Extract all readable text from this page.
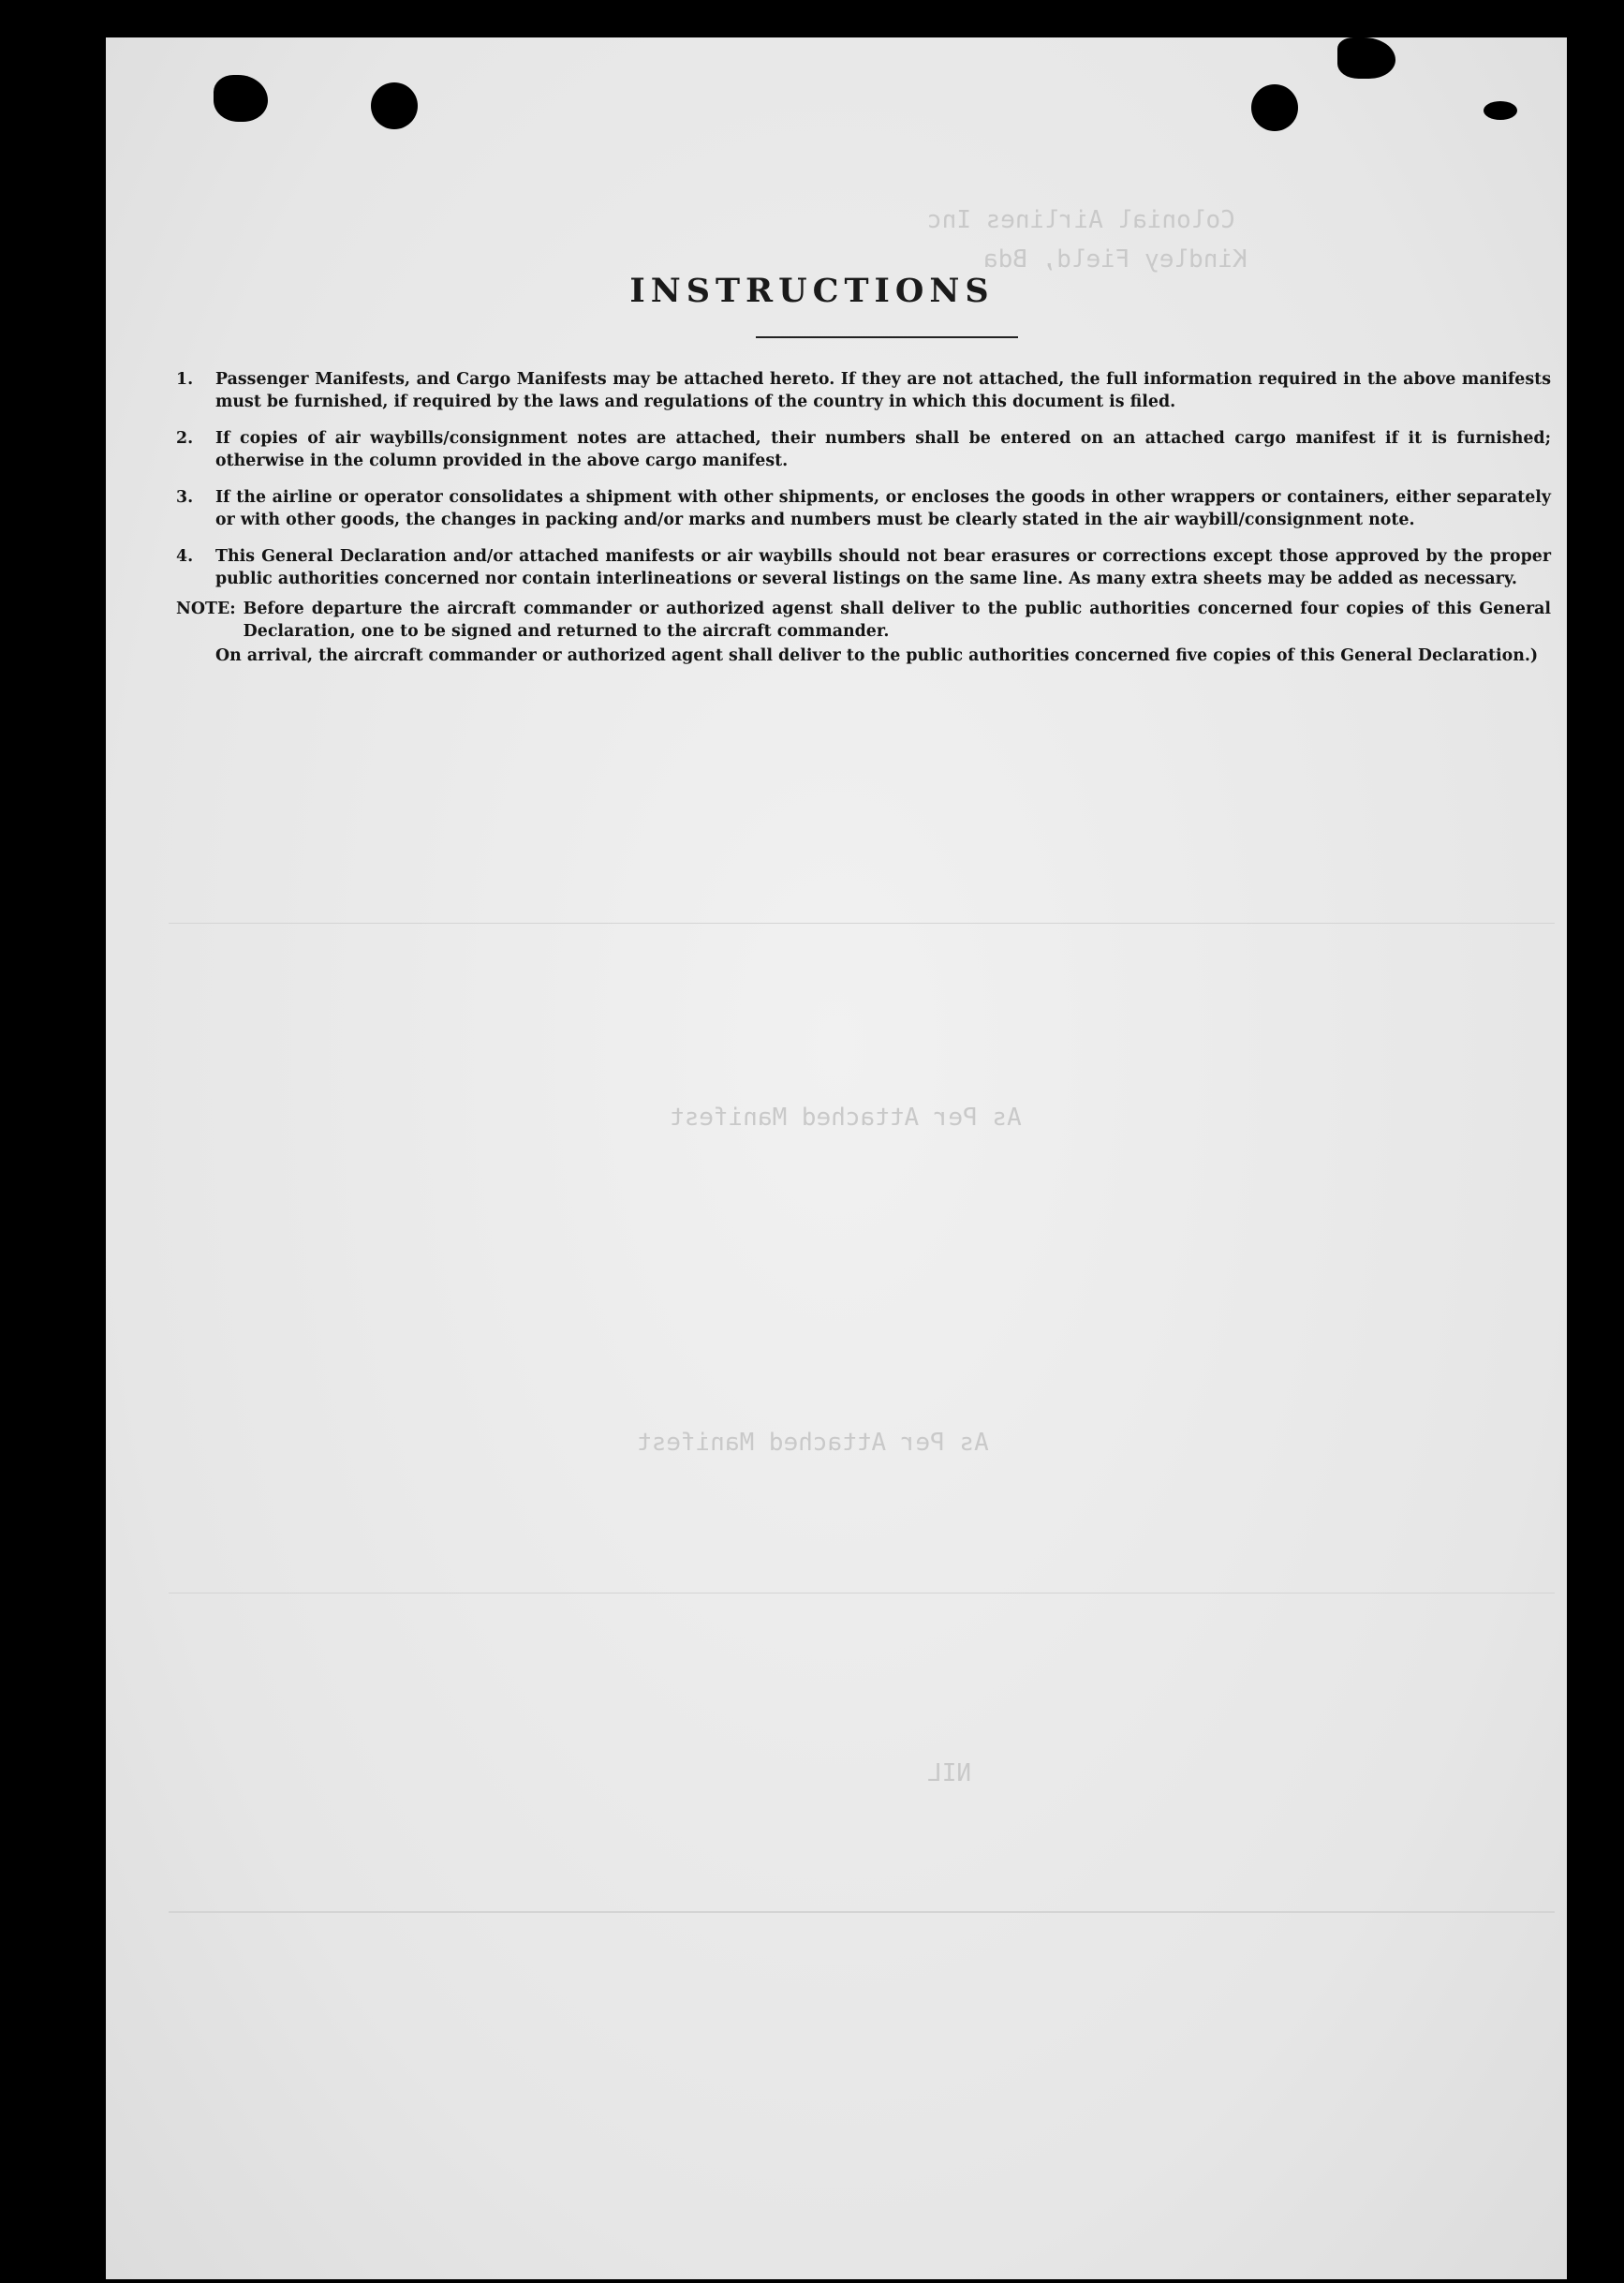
Colonial Airlines Inc
Kindley Field, Bda
As Per Attached Manifest
As Per Attached Manifest
NIL
INSTRUCTIONS
1.	Passenger Manifests, and Cargo Manifests may be attached hereto. If they are not attached, the full information required in the above manifests must be furnished, if required by the laws and regulations of the country in which this document is filed.
2.	If copies of air waybills/consignment notes are attached, their numbers shall be entered on an attached cargo manifest if it is furnished; otherwise in the column provided in the above cargo manifest.
3.	If the airline or operator consolidates a shipment with other shipments, or encloses the goods in other wrappers or containers, either separately or with other goods, the changes in packing and/or marks and numbers must be clearly stated in the air waybill/consignment note.
4.	This General Declaration and/or attached manifests or air waybills should not bear erasures or corrections except those approved by the proper public authorities concerned nor contain interlineations or several listings on the same line. As many extra sheets may be added as necessary.
NOTE: Before departure the aircraft commander or authorized agenst shall deliver to the public authorities concerned four copies of this General Declaration, one to be signed and returned to the aircraft commander.
On arrival, the aircraft commander or authorized agent shall deliver to the public authorities concerned five copies of this General Declaration.)
